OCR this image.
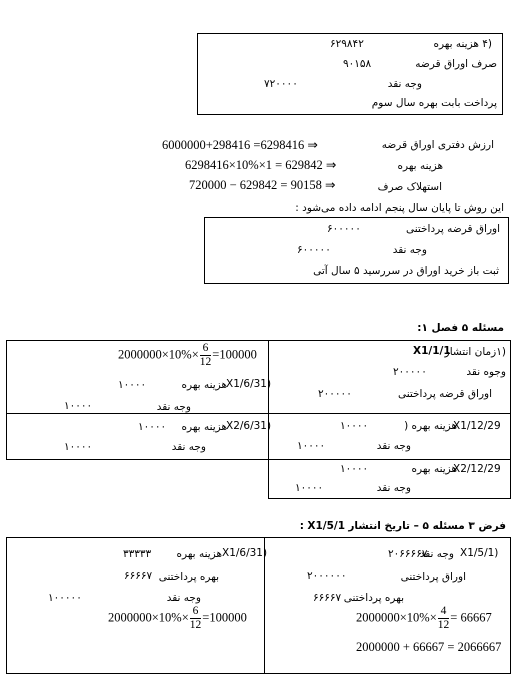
(۴ هزینه بهره
۶۲۹۸۴۲
صرف اوراق قرضه
۹۰۱۵۸
وجه نقد
۷۲۰۰۰۰
پرداخت بابت بهره سال سوم
ارزش دفتری اوراق قرضه
6000000+298416 =6298416 ⇒
هزینه بهره
6298416×10%×1 = 629842 ⇒
استهلاک صرف
720000 − 629842 = 90158 ⇒
این روش تا پایان سال پنجم ادامه داده می‌شود :
اوراق قرضه پرداختنی
۶۰۰۰۰۰
وجه نقد
۶۰۰۰۰۰
ثبت باز خرید اوراق در سررسید ۵ سال آتی
مسئله ۵ فصل ۱:
(۱زمان انتشار
X1/1/1
وجوه نقد
۲۰۰۰۰۰
اوراق قرضه پرداختنی
۲۰۰۰۰۰
هزینه بهره (
X1/12/29
۱۰۰۰۰
وجه نقد
۱۰۰۰۰
هزینه بهره
X2/12/29
۱۰۰۰۰
وجه نقد
۱۰۰۰۰
$2000000\times 10\%\times \frac{6}{12} =100000$
X1/6/31)
هزینه بهره
۱۰۰۰۰
وجه نقد
۱۰۰۰۰
X2/6/31)
هزینه بهره
۱۰۰۰۰
وجه نقد
۱۰۰۰۰
: X1/5/1 فرض ۳ مسئله ۵ – تاریخ انتشار
X1/5/1)
وجه نقد
۲۰۶۶۶۶۷
اوراق پرداختنی
۲۰۰۰۰۰۰
بهره پرداختنی
۶۶۶۶۷
$2000000\times 10\%\times \frac{4}{12} = 66667$
2000000 + 66667 = 2066667
X1/6/31)
هزینه بهره
۳۳۳۳۳
بهره پرداختنی
۶۶۶۶۷
وجه نقد
۱۰۰۰۰۰
$2000000\times 10\%\times \frac{6}{12} =100000$
